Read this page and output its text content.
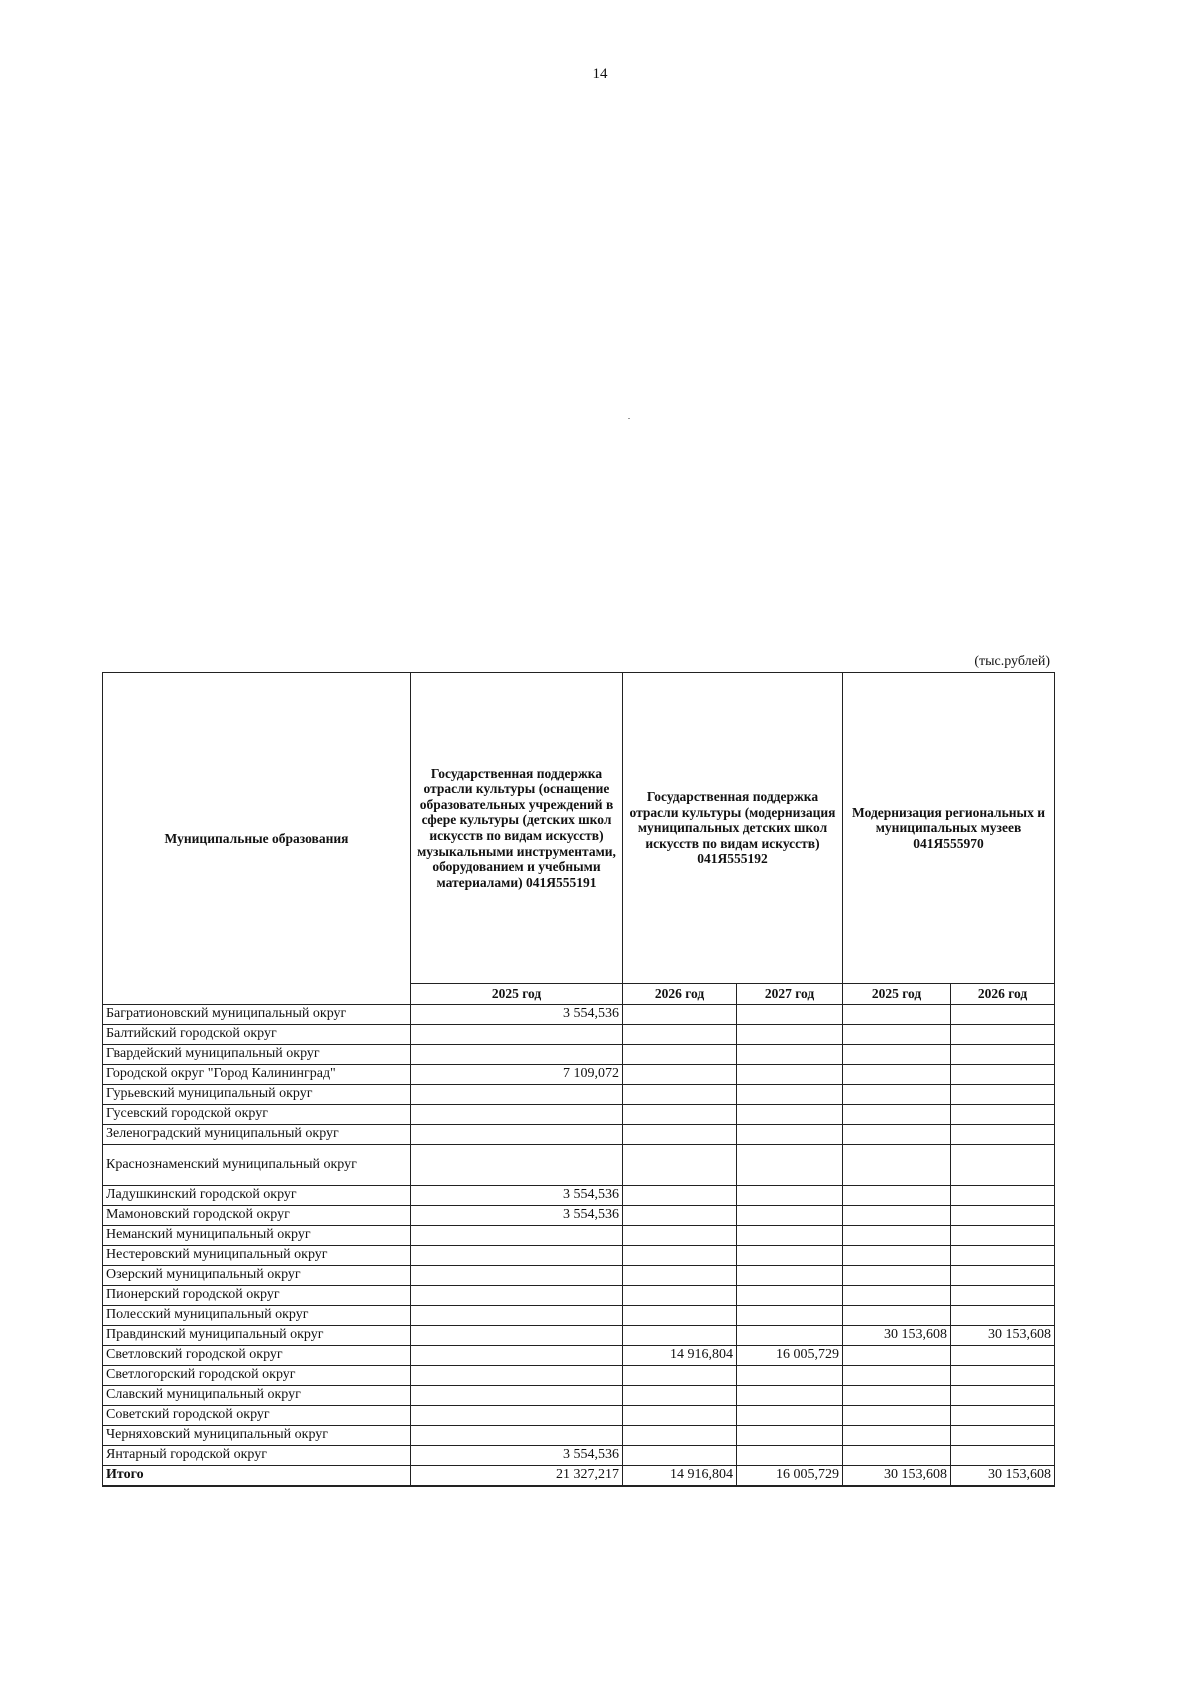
14
(тыс.рублей)
Муниципальные образования	Государственная поддержка отрасли культуры (оснащение образовательных учреждений в сфере культуры (детских школ искусств по видам искусств) музыкальными инструментами, оборудованием и учебными материалами) 041Я555191	Государственная поддержка отрасли культуры (модернизация муниципальных детских школ искусств по видам искусств) 041Я555192		Модернизация региональных и муниципальных музеев 041Я555970	
	2025 год	2026 год	2027 год	2025 год	2026 год
Багратионовский муниципальный округ	3 554,536				
Балтийский городской округ					
Гвардейский муниципальный округ					
Городской округ "Город Калининград"	7 109,072				
Гурьевский муниципальный округ					
Гусевский городской округ					
Зеленоградский муниципальный округ					
Краснознаменский муниципальный округ					
Ладушкинский городской округ	3 554,536				
Мамоновский городской округ	3 554,536				
Неманский муниципальный округ					
Нестеровский муниципальный округ					
Озерский муниципальный округ					
Пионерский городской округ					
Полесский муниципальный округ					
Правдинский муниципальный округ				30 153,608	30 153,608
Светловский городской округ		14 916,804	16 005,729		
Светлогорский городской округ					
Славский муниципальный округ					
Советский городской округ					
Черняховский муниципальный округ					
Янтарный городской округ	3 554,536				
Итого	21 327,217	14 916,804	16 005,729	30 153,608	30 153,608
